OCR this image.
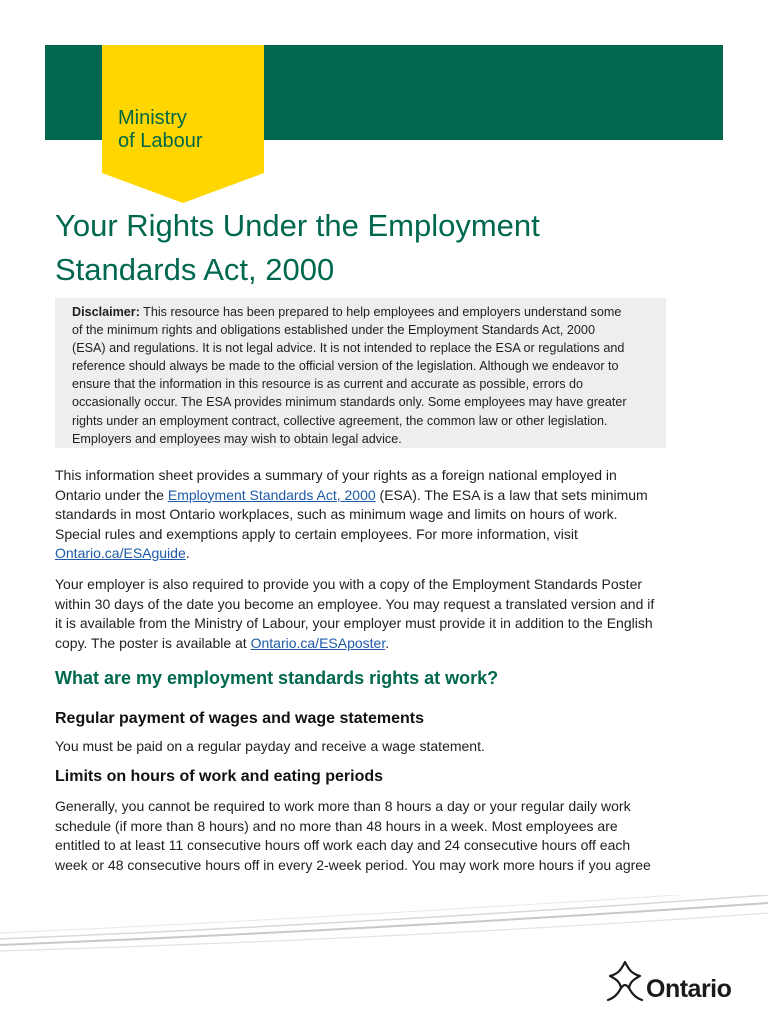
Ministry
of Labour
Your Rights Under the Employment
Standards Act, 2000
Disclaimer: This resource has been prepared to help employees and employers understand some
of the minimum rights and obligations established under the Employment Standards Act, 2000
(ESA) and regulations. It is not legal advice. It is not intended to replace the ESA or regulations and
reference should always be made to the official version of the legislation. Although we endeavor to
ensure that the information in this resource is as current and accurate as possible, errors do
occasionally occur. The ESA provides minimum standards only. Some employees may have greater
rights under an employment contract, collective agreement, the common law or other legislation.
Employers and employees may wish to obtain legal advice.
This information sheet provides a summary of your rights as a foreign national employed in
Ontario under the Employment Standards Act, 2000 (ESA). The ESA is a law that sets minimum
standards in most Ontario workplaces, such as minimum wage and limits on hours of work.
Special rules and exemptions apply to certain employees. For more information, visit
Ontario.ca/ESAguide.
Your employer is also required to provide you with a copy of the Employment Standards Poster
within 30 days of the date you become an employee. You may request a translated version and if
it is available from the Ministry of Labour, your employer must provide it in addition to the English
copy. The poster is available at Ontario.ca/ESAposter.
What are my employment standards rights at work?
Regular payment of wages and wage statements
You must be paid on a regular payday and receive a wage statement.
Limits on hours of work and eating periods
Generally, you cannot be required to work more than 8 hours a day or your regular daily work
schedule (if more than 8 hours) and no more than 48 hours in a week. Most employees are
entitled to at least 11 consecutive hours off work each day and 24 consecutive hours off each
week or 48 consecutive hours off in every 2-week period. You may work more hours if you agree
Ontario
